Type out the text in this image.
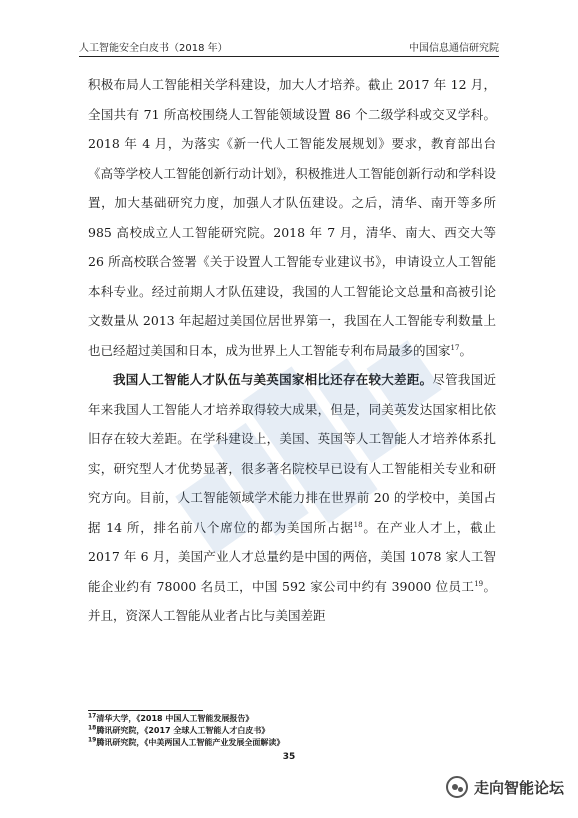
人工智能安全白皮书（2018 年）	中国信息通信研究院

积极布局人工智能相关学科建设，加大人才培养。截止 2017 年 12 月，全国共有 71 所高校围绕人工智能领域设置 86 个二级学科或交叉学科。2018 年 4 月，为落实《新一代人工智能发展规划》要求，教育部出台《高等学校人工智能创新行动计划》，积极推进人工智能创新行动和学科设置，加大基础研究力度，加强人才队伍建设。之后，清华、南开等多所 985 高校成立人工智能研究院。2018 年 7 月，清华、南大、西交大等 26 所高校联合签署《关于设置人工智能专业建议书》，申请设立人工智能本科专业。经过前期人才队伍建设，我国的人工智能论文总量和高被引论文数量从 2013 年起超过美国位居世界第一，我国在人工智能专利数量上也已经超过美国和日本，成为世界上人工智能专利布局最多的国家$^{17}$。

我国人工智能人才队伍与美英国家相比还存在较大差距。尽管我国近年来我国人工智能人才培养取得较大成果，但是，同美英发达国家相比依旧存在较大差距。在学科建设上，美国、英国等人工智能人才培养体系扎实，研究型人才优势显著，很多著名院校早已设有人工智能相关专业和研究方向。目前，人工智能领域学术能力排在世界前 20 的学校中，美国占据 14 所，排名前八个席位的都为美国所占据$^{18}$。在产业人才上，截止 2017 年 6 月，美国产业人才总量约是中国的两倍，美国 1078 家人工智能企业约有 78000 名员工，中国 592 家公司中约有 39000 位员工$^{19}$。并且，资深人工智能从业者占比与美国差距

$^{17}$清华大学，《2018 中国人工智能发展报告》
$^{18}$腾讯研究院，《2017 全球人工智能人才白皮书》
$^{19}$腾讯研究院，《中美两国人工智能产业发展全面解读》
35
走向智能论坛
